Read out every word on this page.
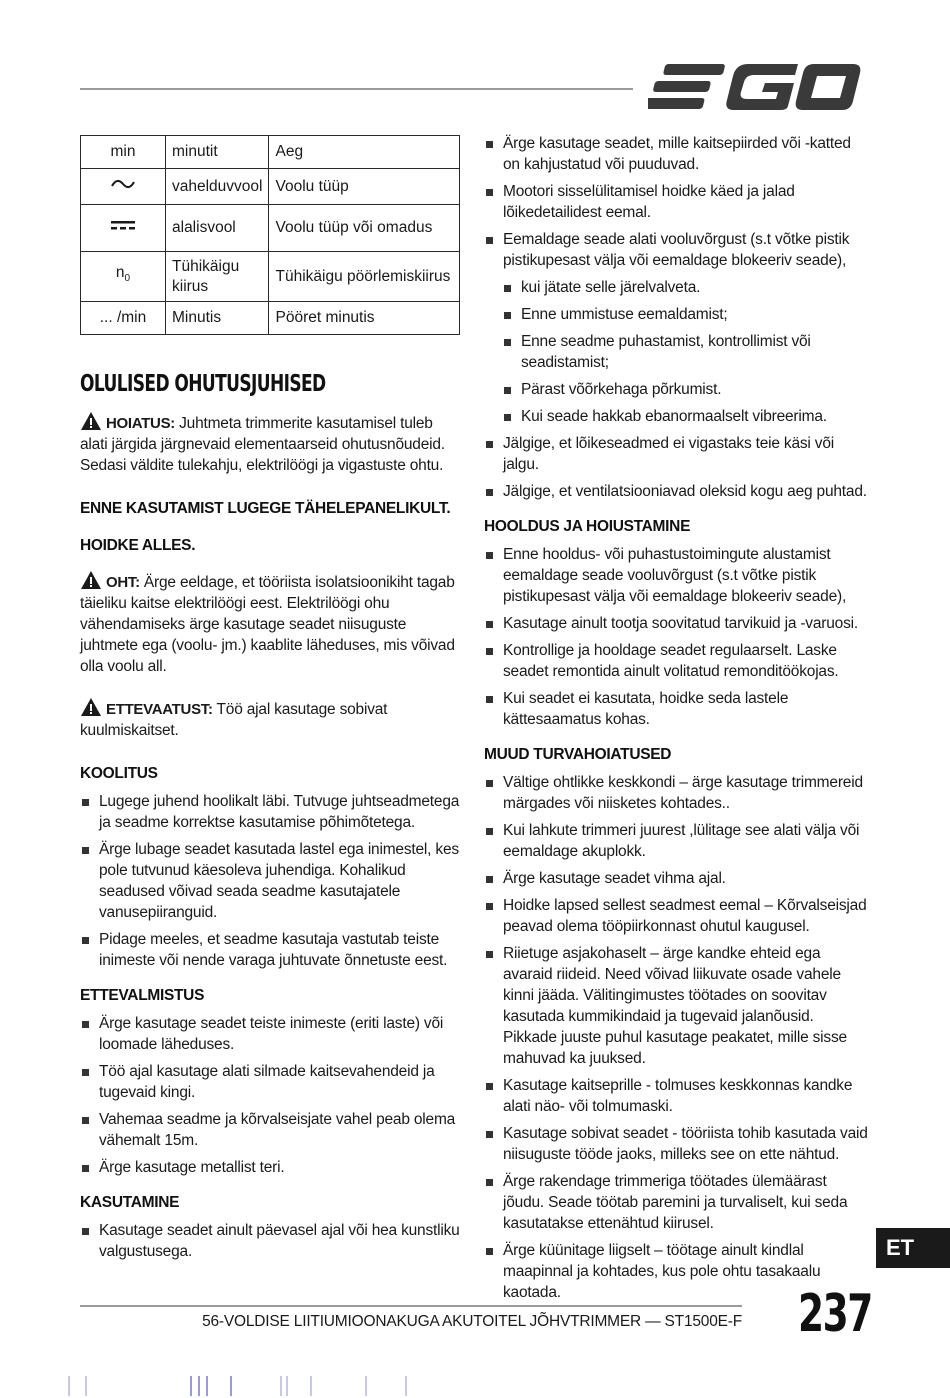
min	minutit	Aeg
	vahelduvvool	Voolu tüüp
	alalisvool	Voolu tüüp või omadus
$n_0$	Tühikäigu kiirus	Tühikäigu pöörlemiskiirus
... /min	Minutis	Pööret minutis
OLULISED OHUTUSJUHISED

HOIATUS: Juhtmeta trimmerite kasutamisel tuleb alati järgida järgnevaid elementaarseid ohutusnõudeid. Sedasi väldite tulekahju, elektrilöögi ja vigastuste ohtu.

ENNE KASUTAMIST LUGEGE TÄHELEPANELIKULT.

HOIDKE ALLES.

OHT: Ärge eeldage, et tööriista isolatsioonikiht tagab täieliku kaitse elektrilöögi eest. Elektrilöögi ohu vähendamiseks ärge kasutage seadet niisuguste juhtmete ega (voolu- jm.) kaablite läheduses, mis võivad olla voolu all.

ETTEVAATUST: Töö ajal kasutage sobivat kuulmiskaitset.

KOOLITUS

Lugege juhend hoolikalt läbi. Tutvuge juhtseadmetega ja seadme korrektse kasutamise põhimõtetega.
Ärge lubage seadet kasutada lastel ega inimestel, kes pole tutvunud käesoleva juhendiga. Kohalikud seadused võivad seada seadme kasutajatele vanusepiiranguid.
Pidage meeles, et seadme kasutaja vastutab teiste inimeste või nende varaga juhtuvate õnnetuste eest.

ETTEVALMISTUS

Ärge kasutage seadet teiste inimeste (eriti laste) või loomade läheduses.
Töö ajal kasutage alati silmade kaitsevahendeid ja tugevaid kingi.
Vahemaa seadme ja kõrvalseisjate vahel peab olema vähemalt 15m.
Ärge kasutage metallist teri.

KASUTAMINE

Kasutage seadet ainult päevasel ajal või hea kunstliku valgustusega.
Ärge kasutage seadet, mille kaitsepiirded või -katted on kahjustatud või puuduvad.
Mootori sisselülitamisel hoidke käed ja jalad lõikedetailidest eemal.
Eemaldage seade alati vooluvõrgust (s.t võtke pistik pistikupesast välja või eemaldage blokeeriv seade),
kui jätate selle järelvalveta.
Enne ummistuse eemaldamist;
Enne seadme puhastamist, kontrollimist või seadistamist;
Pärast võõrkehaga põrkumist.
Kui seade hakkab ebanormaalselt vibreerima.
Jälgige, et lõikeseadmed ei vigastaks teie käsi või jalgu.
Jälgige, et ventilatsiooniavad oleksid kogu aeg puhtad.

HOOLDUS JA HOIUSTAMINE

Enne hooldus- või puhastustoimingute alustamist eemaldage seade vooluvõrgust (s.t võtke pistik pistikupesast välja või eemaldage blokeeriv seade),
Kasutage ainult tootja soovitatud tarvikuid ja -varuosi.
Kontrollige ja hooldage seadet regulaarselt. Laske seadet remontida ainult volitatud remonditöökojas.
Kui seadet ei kasutata, hoidke seda lastele kättesaamatus kohas.

MUUD TURVAHOIATUSED

Vältige ohtlikke keskkondi – ärge kasutage trimmereid märgades või niisketes kohtades..
Kui lahkute trimmeri juurest ,lülitage see alati välja või eemaldage akuplokk.
Ärge kasutage seadet vihma ajal.
Hoidke lapsed sellest seadmest eemal – Kõrvalseisjad peavad olema tööpiirkonnast ohutul kaugusel.
Riietuge asjakohaselt – ärge kandke ehteid ega avaraid riideid. Need võivad liikuvate osade vahele kinni jääda. Välitingimustes töötades on soovitav kasutada kummikindaid ja tugevaid jalanõusid. Pikkade juuste puhul kasutage peakatet, mille sisse mahuvad ka juuksed.
Kasutage kaitseprille - tolmuses keskkonnas kandke alati näo- või tolmumaski.
Kasutage sobivat seadet - tööriista tohib kasutada vaid niisuguste tööde jaoks, milleks see on ette nähtud.
Ärge rakendage trimmeriga töötades ülemäärast jõudu. Seade töötab paremini ja turvaliselt, kui seda kasutatakse ettenähtud kiirusel.
Ärge küünitage liigselt – töötage ainult kindlal maapinnal ja kohtades, kus pole ohtu tasakaalu kaotada.
ET
56-VOLDISE LIITIUMIOONAKUGA AKUTOITEL JÕHVTRIMMER — ST1500E-F 237
